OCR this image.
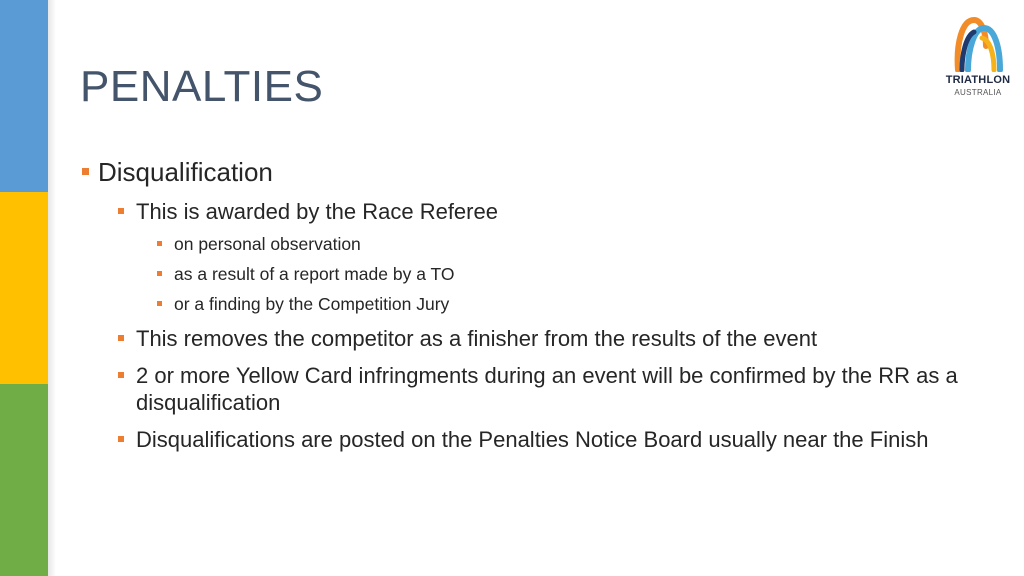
PENALTIES	TRIATHLON
AUSTRALIA
Disqualification
This is awarded by the Race Referee
on personal observation
as a result of a report made by a TO
or a finding by the Competition Jury
This removes the competitor as a finisher from the results of the event
2 or more Yellow Card infringments during an event will be confirmed by the RR as a disqualification
Disqualifications are posted on the Penalties Notice Board usually near the Finish
